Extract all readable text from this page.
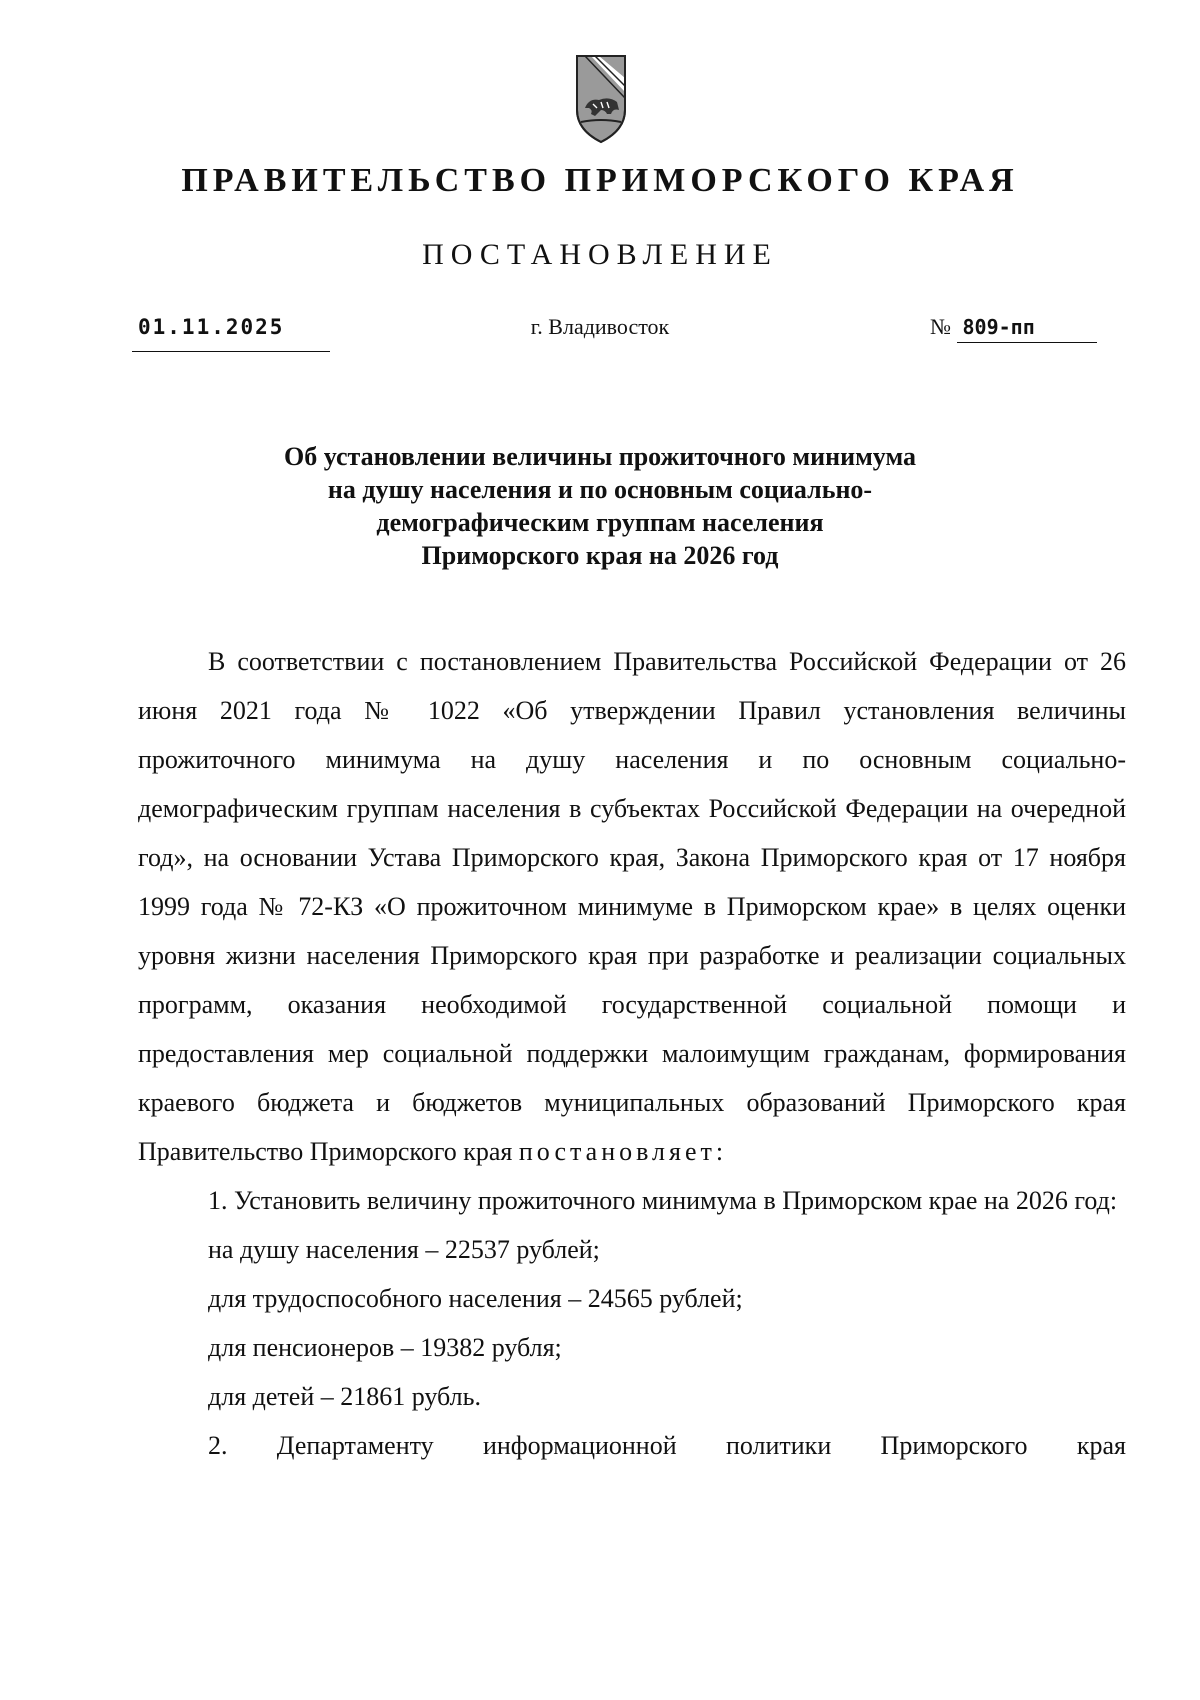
ПРАВИТЕЛЬСТВО ПРИМОРСКОГО КРАЯ
ПОСТАНОВЛЕНИЕ
01.11.2025	г. Владивосток	№ 809-пп
Об установлении величины прожиточного минимума
на душу населения и по основным социально-
демографическим группам населения
Приморского края на 2026 год

В соответствии с постановлением Правительства Российской Федерации от 26 июня 2021 года № 1022 «Об утверждении Правил установления величины прожиточного минимума на душу населения и по основным социально-демографическим группам населения в субъектах Российской Федерации на очередной год», на основании Устава Приморского края, Закона Приморского края от 17 ноября 1999 года № 72-КЗ «О прожиточном минимуме в Приморском крае» в целях оценки уровня жизни населения Приморского края при разработке и реализации социальных программ, оказания необходимой государственной социальной помощи и предоставления мер социальной поддержки малоимущим гражданам, формирования краевого бюджета и бюджетов муниципальных образований Приморского края Правительство Приморского края постановляет:

1. Установить величину прожиточного минимума в Приморском крае на 2026 год:

на душу населения – 22537 рублей;

для трудоспособного населения – 24565 рублей;

для пенсионеров – 19382 рубля;

для детей – 21861 рубль.

2. Департаменту информационной политики Приморского края
